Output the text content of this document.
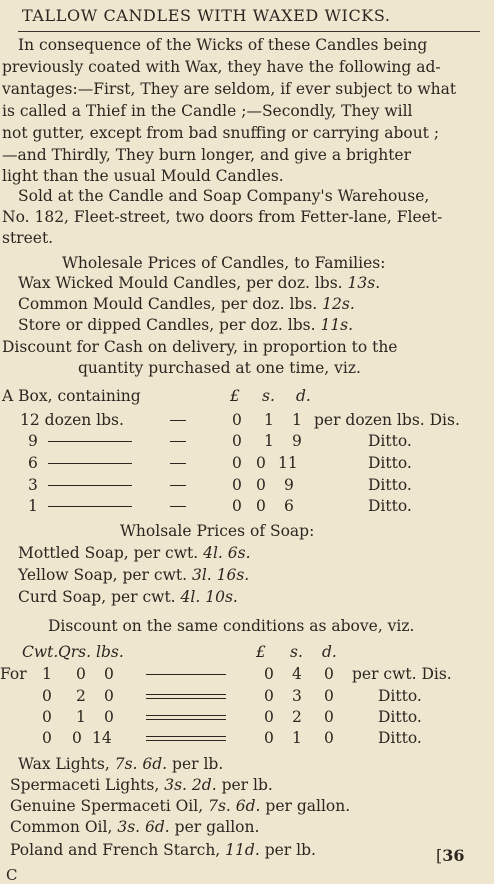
TALLOW CANDLES WITH WAXED WICKS.
In consequence of the Wicks of these Candles being
previously coated with Wax, they have the following ad-
vantages:—First, They are seldom, if ever subject to what
is called a Thief in the Candle ;—Secondly, They will
not gutter, except from bad snuffing or carrying about ;
—and Thirdly, They burn longer, and give a brighter
light than the usual Mould Candles.
Sold at the Candle and Soap Company's Warehouse,
No. 182, Fleet-street, two doors from Fetter-lane, Fleet-
street.
Wholesale Prices of Candles, to Families:
Wax Wicked Mould Candles, per doz. lbs. 13s.
Common Mould Candles, per doz. lbs. 12s.
Store or dipped Candles, per doz. lbs. 11s.
Discount for Cash on delivery, in proportion to the
quantity purchased at one time, viz.
A Box, containing	£ s. d.
12 dozen lbs.	0 1 1 per dozen lbs. Dis.
9	0 1 9	Ditto.
6	0 0 11	Ditto.
3	0 0 9	Ditto.
1	0 0 6	Ditto.
Wholsale Prices of Soap:
Mottled Soap, per cwt. 4l. 6s.
Yellow Soap, per cwt. 3l. 16s.
Curd Soap, per cwt. 4l. 10s.
Discount on the same conditions as above, viz.
Cwt. Qrs. lbs.	£ s. d.
For 1 0 0	0 4 0 per cwt. Dis.
0 2 0	0 3 0	Ditto.
0 1 0	0 2 0	Ditto.
0 0 14	0 1 0	Ditto.
Wax Lights, 7s. 6d. per lb.
Spermaceti Lights, 3s. 2d. per lb.
Genuine Spermaceti Oil, 7s. 6d. per gallon.
Common Oil, 3s. 6d. per gallon.
Poland and French Starch, 11d. per lb.	[36
C
